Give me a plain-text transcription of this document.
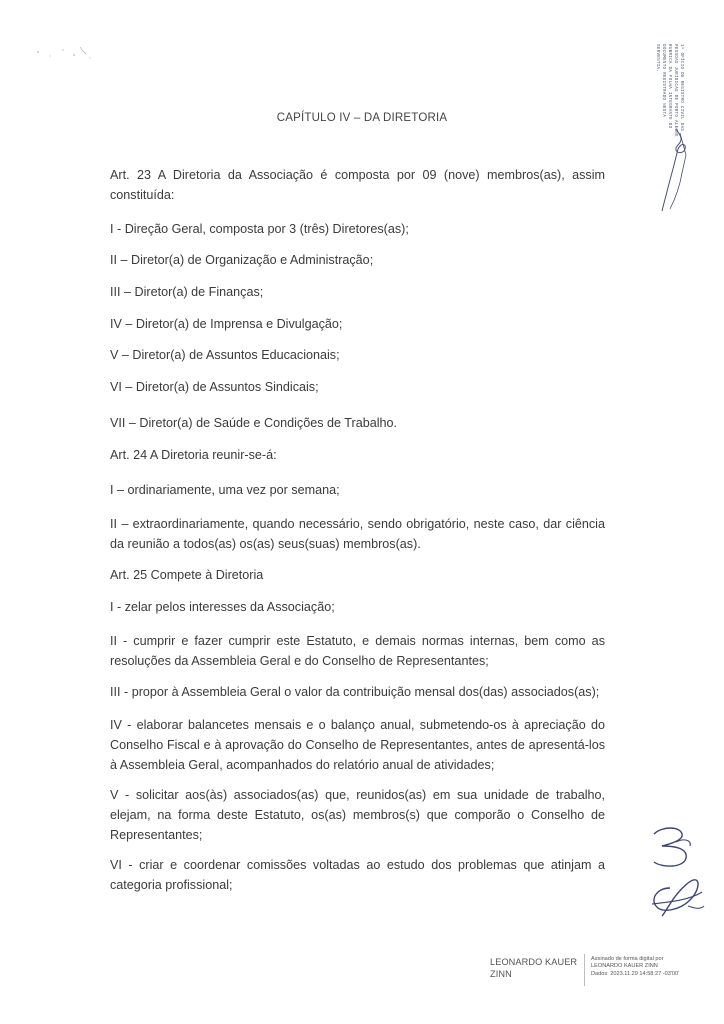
1º OFÍCIO DE REGISTRO CIVIL DAS
PESSOAS JURÍDICAS DE PORTO ALEGRE
RUBRICA DA FOLHA INTEGRANTE DO
DOCUMENTO REGISTRADO NESTA
SERVENTIA.
CAPÍTULO IV – DA DIRETORIA

Art. 23 A Diretoria da Associação é composta por 09 (nove) membros(as), assim constituída:

I - Direção Geral, composta por 3 (três) Diretores(as);

II – Diretor(a) de Organização e Administração;

III – Diretor(a) de Finanças;

IV – Diretor(a) de Imprensa e Divulgação;

V – Diretor(a) de Assuntos Educacionais;

VI – Diretor(a) de Assuntos Sindicais;

VII – Diretor(a) de Saúde e Condições de Trabalho.

Art. 24 A Diretoria reunir-se-á:

I – ordinariamente, uma vez por semana;

II – extraordinariamente, quando necessário, sendo obrigatório, neste caso, dar ciência da reunião a todos(as) os(as) seus(suas) membros(as).

Art. 25 Compete à Diretoria

I - zelar pelos interesses da Associação;

II - cumprir e fazer cumprir este Estatuto, e demais normas internas, bem como as resoluções da Assembleia Geral e do Conselho de Representantes;

III - propor à Assembleia Geral o valor da contribuição mensal dos(das) associados(as);

IV - elaborar balancetes mensais e o balanço anual, submetendo-os à apreciação do Conselho Fiscal e à aprovação do Conselho de Representantes, antes de apresentá-los à Assembleia Geral, acompanhados do relatório anual de atividades;

V - solicitar aos(às) associados(as) que, reunidos(as) em sua unidade de trabalho, elejam, na forma deste Estatuto, os(as) membros(s) que comporão o Conselho de Representantes;

VI - criar e coordenar comissões voltadas ao estudo dos problemas que atinjam a categoria profissional;

LEONARDO KAUER
ZINN
Assinado de forma digital por
LEONARDO KAUER ZINN
Dados: 2023.11.29 14:58:27 -03'00'
